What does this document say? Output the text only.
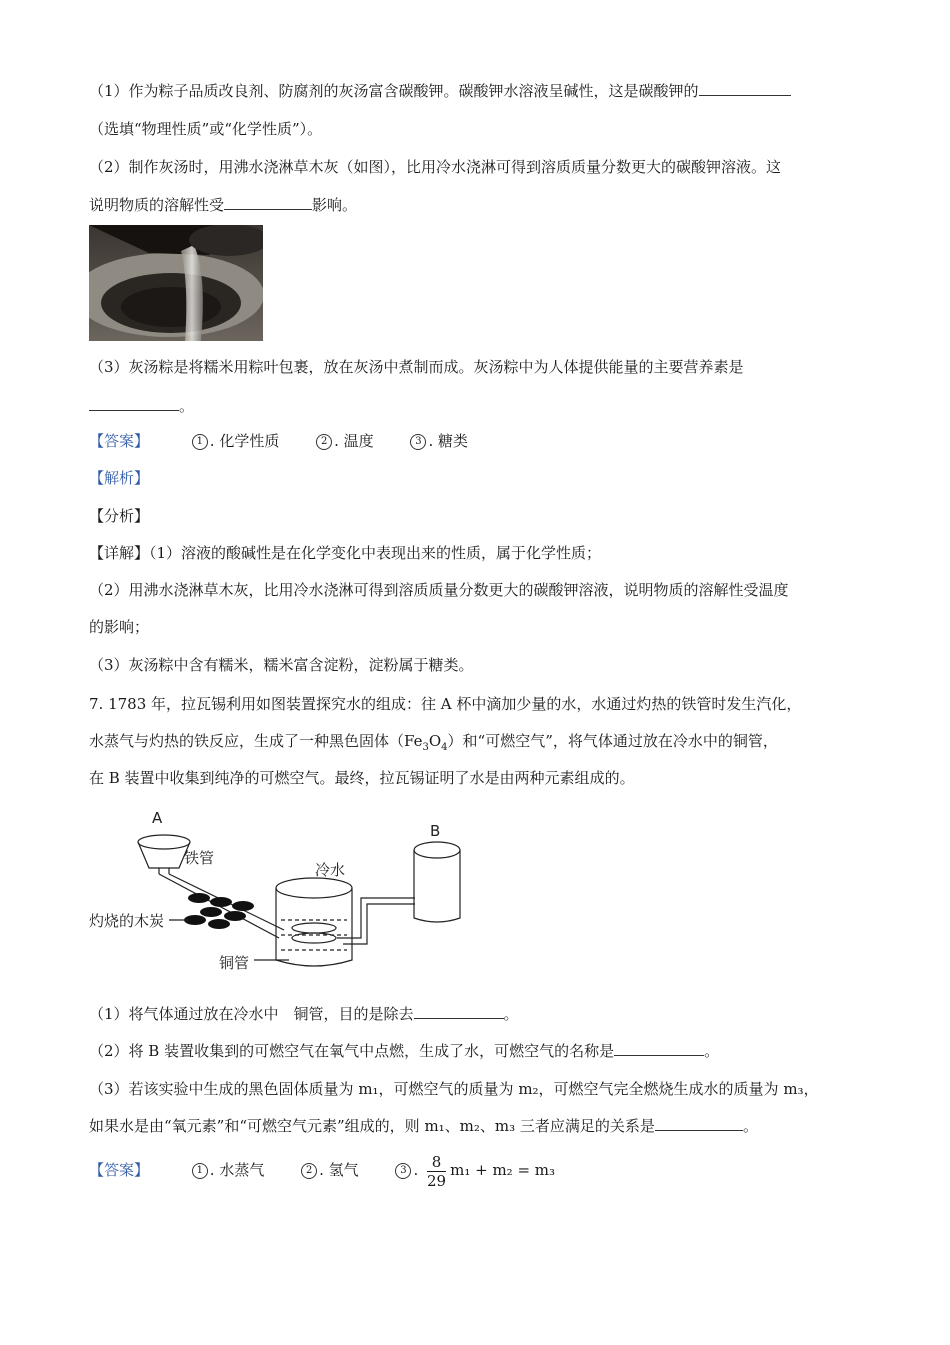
（1）作为粽子品质改良剂、防腐剂的灰汤富含碳酸钾。碳酸钾水溶液呈碱性，这是碳酸钾的
（选填“物理性质”或“化学性质”）。
（2）制作灰汤时，用沸水浇淋草木灰（如图），比用冷水浇淋可得到溶质质量分数更大的碳酸钾溶液。这
说明物质的溶解性受	影响。
（3）灰汤粽是将糯米用粽叶包裹，放在灰汤中煮制而成。灰汤粽中为人体提供能量的主要营养素是
。
【答案】	1 . 化学性质	2 . 温度	3 . 糖类
【解析】
【分析】
【详解】（1）溶液的酸碱性是在化学变化中表现出来的性质，属于化学性质；
（2）用沸水浇淋草木灰，比用冷水浇淋可得到溶质质量分数更大的碳酸钾溶液，说明物质的溶解性受温度
的影响；
（3）灰汤粽中含有糯米，糯米富含淀粉，淀粉属于糖类。
7. 1783 年，拉瓦锡利用如图装置探究水的组成：往 A 杯中滴加少量的水，水通过灼热的铁管时发生汽化，
水蒸气与灼热的铁反应，生成了一种黑色固体$(Fe_3O_4)$和“可燃空气”，将气体通过放在冷水中的铜管，
在 B 装置中收集到纯净的可燃空气。最终，拉瓦锡证明了水是由两种元素组成的。
A
铁管
灼烧的木炭
冷水
铜管
B
（1）将气体通过放在冷水中　铜管，目的是除去	。
（2）将 B 装置收集到的可燃空气在氧气中点燃，生成了水，可燃空气的名称是	。
（3）若该实验中生成的黑色固体质量为 m₁，可燃空气的质量为 m₂，可燃空气完全燃烧生成水的质量为 m₃，
如果水是由“氧元素”和“可燃空气元素”组成的，则 m₁、m₂、m₃ 三者应满足的关系是	。
【答案】	1 . 水蒸气	2 . 氢气	3 . $\frac{8}{29} m_1 + m_2 = m_3$
